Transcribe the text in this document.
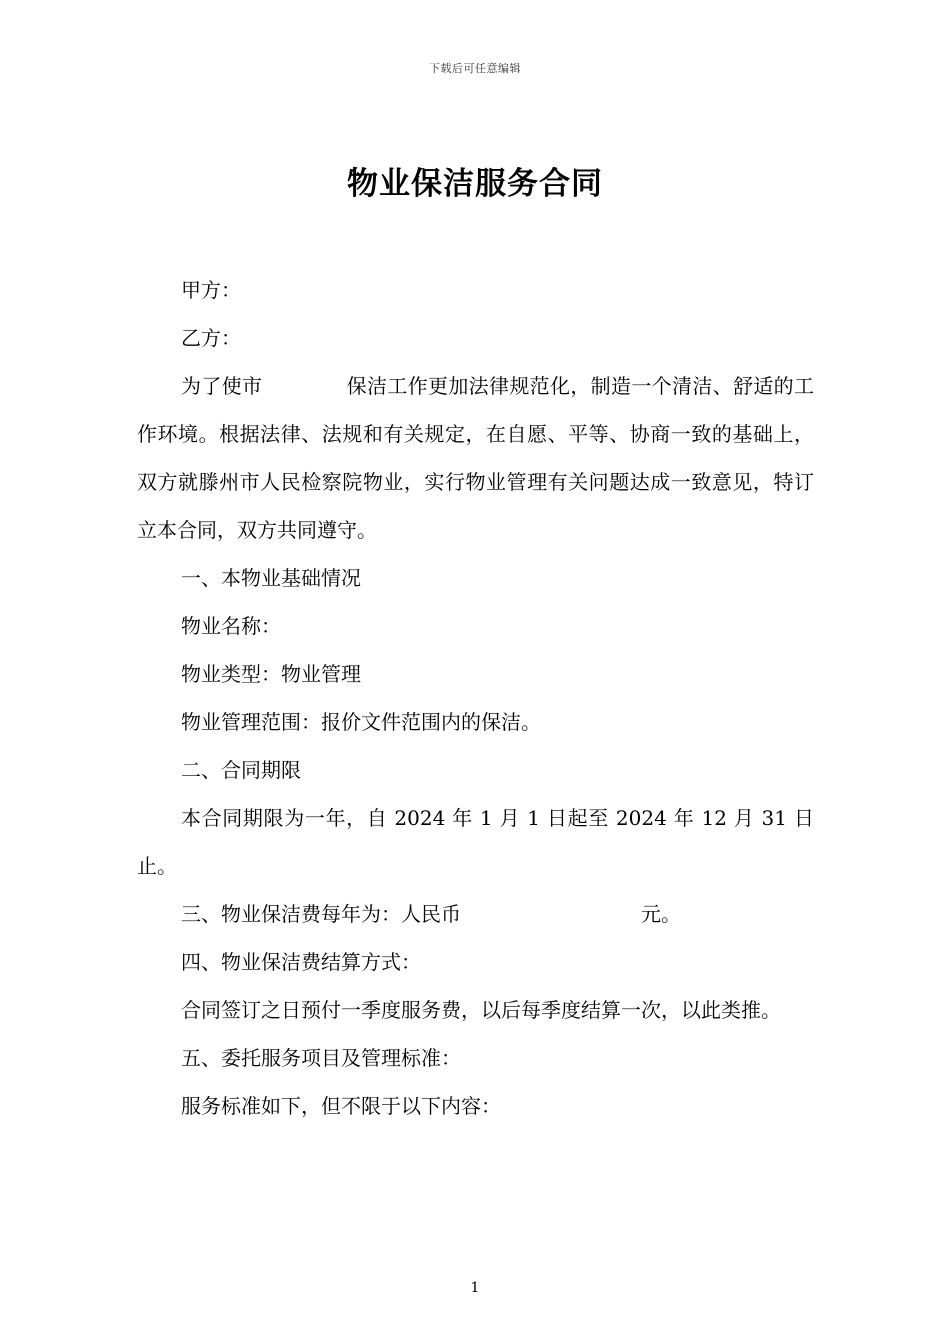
下载后可任意编辑
物业保洁服务合同

甲方：

乙方：

为了使市	保洁工作更加法律规范化，制造一个清洁、舒适的工作环境。根据法律、法规和有关规定，在自愿、平等、协商一致的基础上，双方就滕州市人民检察院物业，实行物业管理有关问题达成一致意见，特订立本合同，双方共同遵守。

一、本物业基础情况

物业名称：

物业类型：物业管理

物业管理范围：报价文件范围内的保洁。

二、合同期限

本合同期限为一年，自 2024 年 1 月 1 日起至 2024 年 12 月 31 日止。

三、物业保洁费每年为：人民币	元。

四、物业保洁费结算方式：

合同签订之日预付一季度服务费，以后每季度结算一次，以此类推。

五、委托服务项目及管理标准：

服务标准如下，但不限于以下内容：

1
